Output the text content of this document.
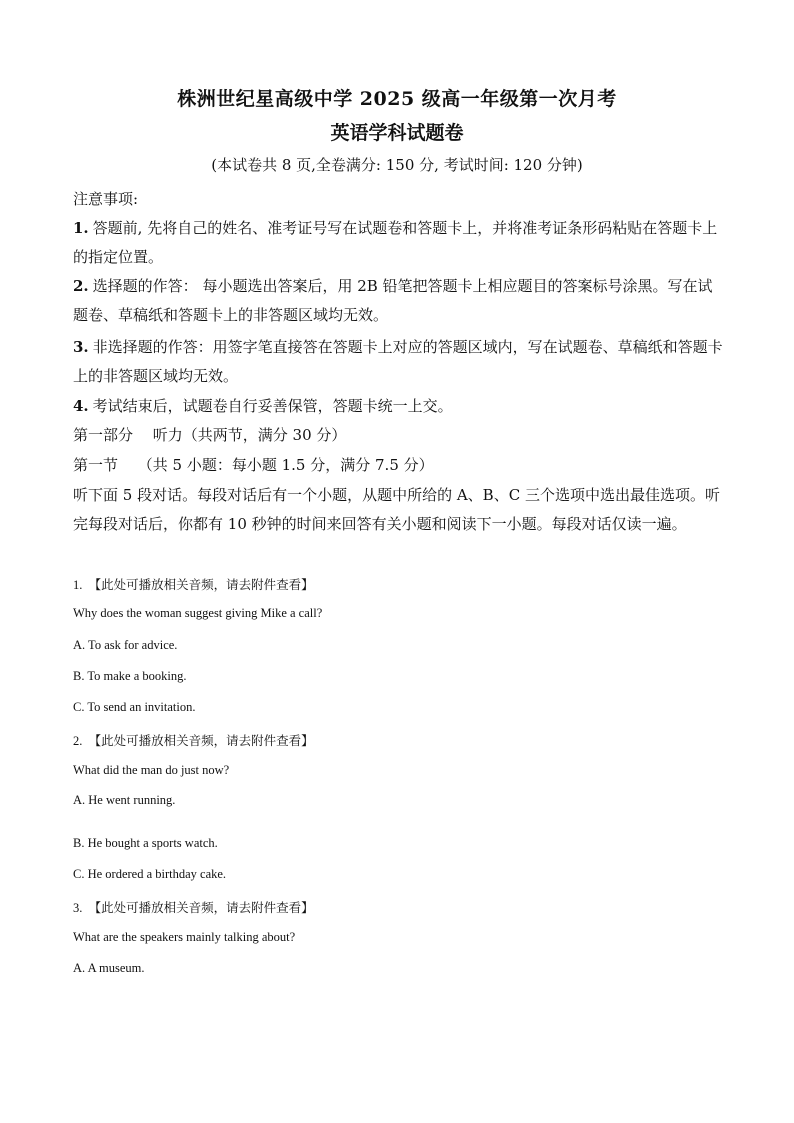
株洲世纪星高级中学 2025 级高一年级第一次月考
英语学科试题卷
(本试卷共 8 页,全卷满分: 150 分, 考试时间: 120 分钟)
注意事项:
1. 答题前, 先将自己的姓名、准考证号写在试题卷和答题卡上，并将准考证条形码粘贴在答题卡上的指定位置。
2. 选择题的作答： 每小题选出答案后，用 2B 铅笔把答题卡上相应题目的答案标号涂黑。写在试题卷、草稿纸和答题卡上的非答题区域均无效。
3. 非选择题的作答：用签字笔直接答在答题卡上对应的答题区域内，写在试题卷、草稿纸和答题卡上的非答题区域均无效。
4. 考试结束后，试题卷自行妥善保管，答题卡统一上交。
第一部分　 听力（共两节，满分 30 分）
第一节　 （共 5 小题：每小题 1.5 分，满分 7.5 分）
听下面 5 段对话。每段对话后有一个小题，从题中所给的 A、B、C 三个选项中选出最佳选项。听完每段对话后，你都有 10 秒钟的时间来回答有关小题和阅读下一小题。每段对话仅读一遍。
1.　【此处可播放相关音频，请去附件查看】
Why does the woman suggest giving Mike a call?
A. To ask for advice.
B. To make a booking.
C. To send an invitation.
2.　【此处可播放相关音频，请去附件查看】
What did the man do just now?
A. He went running.
B. He bought a sports watch.
C. He ordered a birthday cake.
3.　【此处可播放相关音频，请去附件查看】
What are the speakers mainly talking about?
A. A museum.
